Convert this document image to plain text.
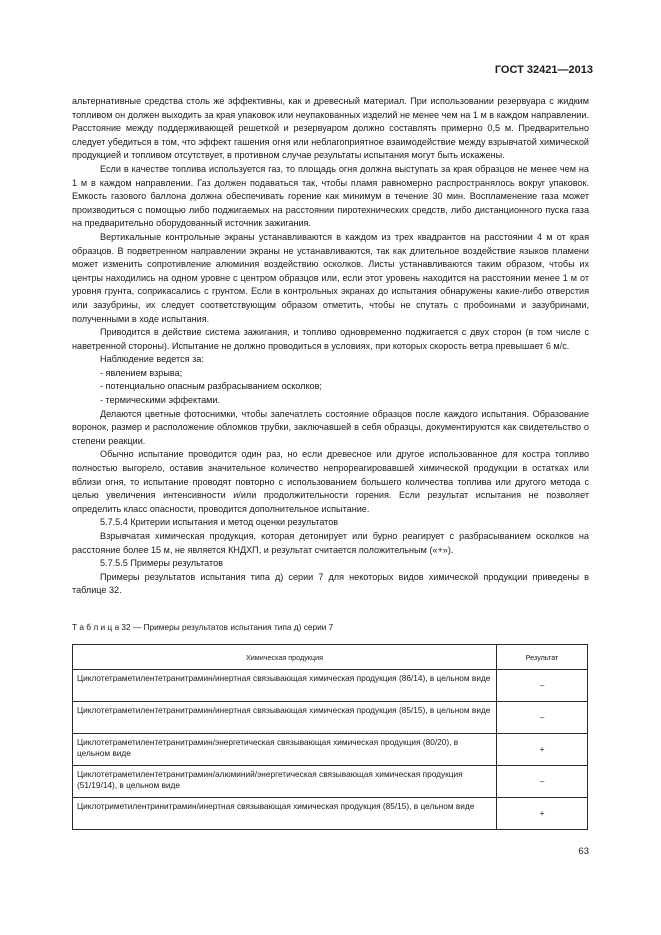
ГОСТ 32421—2013

альтернативные средства столь же эффективны, как и древесный материал. При использовании резервуара с жидким топливом он должен выходить за края упаковок или неупакованных изделий не менее чем на 1 м в каждом направлении. Расстояние между поддерживающей решеткой и резервуаром должно составлять примерно 0,5 м. Предварительно следует убедиться в том, что эффект гашения огня или неблагоприятное взаимодействие между взрывчатой химической продукцией и топливом отсутствует, в противном случае результаты испытания могут быть искажены.

Если в качестве топлива используется газ, то площадь огня должна выступать за края образцов не менее чем на 1 м в каждом направлении. Газ должен подаваться так, чтобы пламя равномерно распространялось вокруг упаковок. Емкость газового баллона должна обеспечивать горение как минимум в течение 30 мин. Воспламенение газа может производиться с помощью либо поджигаемых на расстоянии пиротехнических средств, либо дистанционного пуска газа на предварительно оборудованный источник зажигания.

Вертикальные контрольные экраны устанавливаются в каждом из трех квадрантов на расстоянии 4 м от края образцов. В подветренном направлении экраны не устанавливаются, так как длительное воздействие языков пламени может изменить сопротивление алюминия воздействию осколков. Листы устанавливаются таким образом, чтобы их центры находились на одном уровне с центром образцов или, если этот уровень находится на расстоянии менее 1 м от уровня грунта, соприкасались с грунтом. Если в контрольных экранах до испытания обнаружены какие-либо отверстия или зазубрины, их следует соответствующим образом отметить, чтобы не спутать с пробоинами и зазубринами, полученными в ходе испытания.

Приводится в действие система зажигания, и топливо одновременно поджигается с двух сторон (в том числе с наветренной стороны). Испытание не должно проводиться в условиях, при которых скорость ветра превышает 6 м/с.

Наблюдение ведется за:

- явлением взрыва;
- потенциально опасным разбрасыванием осколков;
- термическими эффектами.

Делаются цветные фотоснимки, чтобы запечатлеть состояние образцов после каждого испытания. Образование воронок, размер и расположение обломков трубки, заключавшей в себя образцы, документируются как свидетельство о степени реакции.

Обычно испытание проводится один раз, но если древесное или другое использованное для костра топливо полностью выгорело, оставив значительное количество непрореагировавшей химической продукции в остатках или вблизи огня, то испытание проводят повторно с использованием большего количества топлива или другого метода с целью увеличения интенсивности и/или продолжительности горения. Если результат испытания не позволяет определить класс опасности, проводится дополнительное испытание.

5.7.5.4 Критерии испытания и метод оценки результатов

Взрывчатая химическая продукция, которая детонирует или бурно реагирует с разбрасыванием осколков на расстояние более 15 м, не является КНДХП, и результат считается положительным («+»).

5.7.5.5 Примеры результатов

Примеры результатов испытания типа д) серии 7 для некоторых видов химической продукции приведены в таблице 32.

Т а б л и ц а 32 — Примеры результатов испытания типа д) серии 7
Химическая продукция	Результат
Циклотетраметилентетранитрамин/инертная связывающая химическая продукция (86/14), в цельном виде	–
Циклотетраметилентетранитрамин/инертная связывающая химическая продукция (85/15), в цельном виде	–
Циклотетраметилентетранитрамин/энергетическая связывающая химическая продукция (80/20), в цельном виде	+
Циклотетраметилентетранитрамин/алюминий/энергетическая связывающая химическая продукция (51/19/14), в цельном виде	–
Циклотриметилентринитрамин/инертная связывающая химическая продукция (85/15), в цельном виде	+
63
